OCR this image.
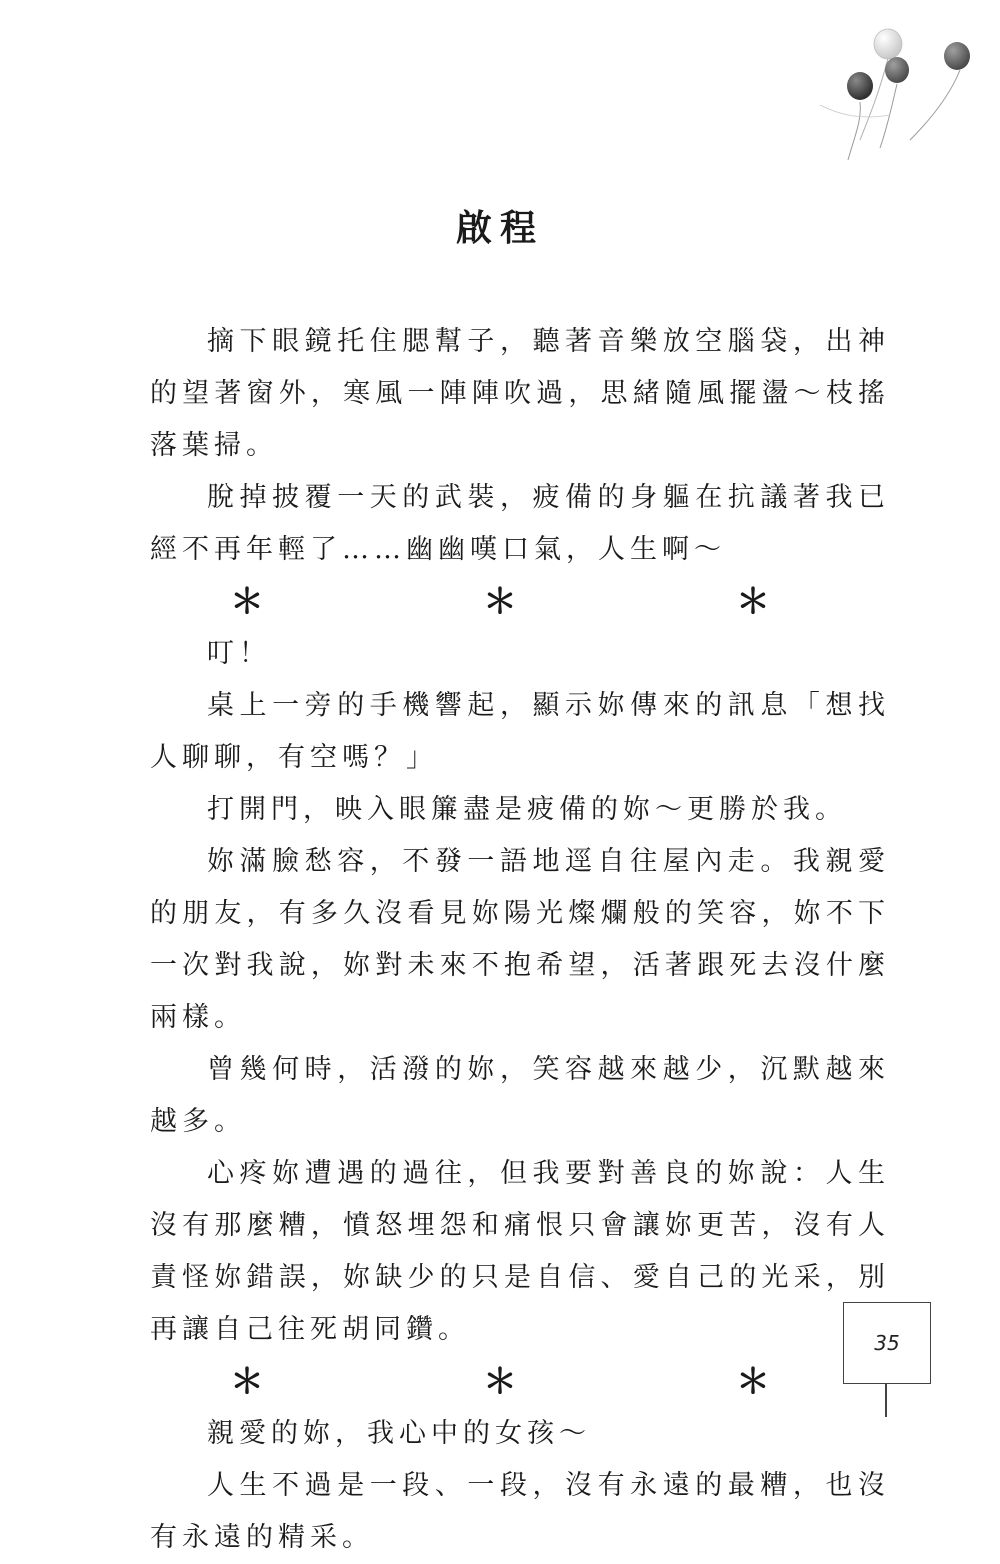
啟程

摘下眼鏡托住腮幫子，聽著音樂放空腦袋，出神的望著窗外，寒風一陣陣吹過，思緒隨風擺盪～枝搖落葉掃。

脫掉披覆一天的武裝，疲備的身軀在抗議著我已經不再年輕了……幽幽嘆口氣，人生啊～

＊	＊	＊

叮！

桌上一旁的手機響起，顯示妳傳來的訊息「想找人聊聊，有空嗎？」

打開門，映入眼簾盡是疲備的妳～更勝於我。

妳滿臉愁容，不發一語地逕自往屋內走。我親愛的朋友，有多久沒看見妳陽光燦爛般的笑容，妳不下一次對我說，妳對未來不抱希望，活著跟死去沒什麼兩樣。

曾幾何時，活潑的妳，笑容越來越少，沉默越來越多。

心疼妳遭遇的過往，但我要對善良的妳說：人生沒有那麼糟，憤怒埋怨和痛恨只會讓妳更苦，沒有人責怪妳錯誤，妳缺少的只是自信、愛自己的光采，別再讓自己往死胡同鑽。

＊	＊	＊

親愛的妳，我心中的女孩～

人生不過是一段、一段，沒有永遠的最糟，也沒有永遠的精采。

35
